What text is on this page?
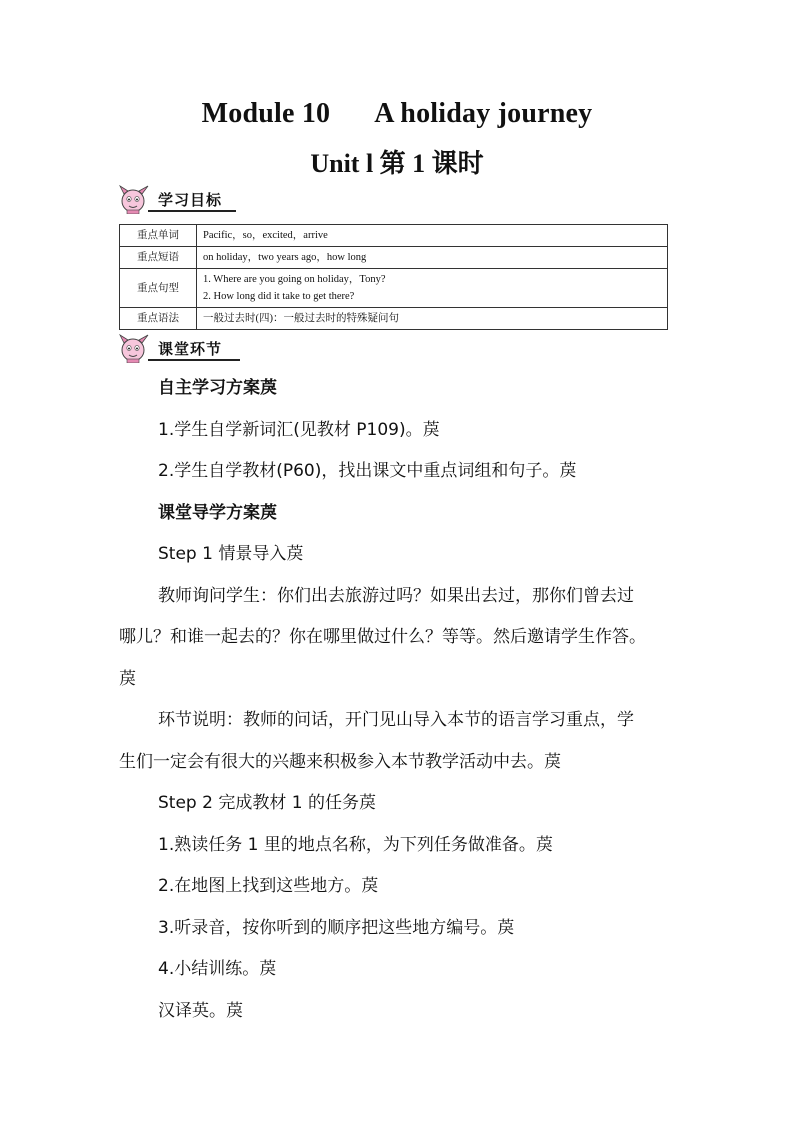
Module 10 A holiday journey
Unit l 第 1 课时
学习目标
重点单词	Pacific，so，excited，arrive
重点短语	on holiday，two years ago，how long
重点句型	1. Where are you going on holiday，Tony?
2. How long did it take to get there?

重点语法	一般过去时(四)：一般过去时的特殊疑问句
课堂环节
自主学习方案䓞
1.学生自学新词汇(见教材 P109)。䓞
2.学生自学教材(P60)，找出课文中重点词组和句子。䓞
课堂导学方案䓞
Step 1 情景导入䓞
教师询问学生：你们出去旅游过吗？如果出去过，那你们曾去过
哪儿？和谁一起去的？你在哪里做过什么？等等。然后邀请学生作答。
䓞
环节说明：教师的问话，开门见山导入本节的语言学习重点，学
生们一定会有很大的兴趣来积极参入本节教学活动中去。䓞
Step 2 完成教材 1 的任务䓞
1.熟读任务 1 里的地点名称，为下列任务做准备。䓞
2.在地图上找到这些地方。䓞
3.听录音，按你听到的顺序把这些地方编号。䓞
4.小结训练。䓞
汉译英。䓞
